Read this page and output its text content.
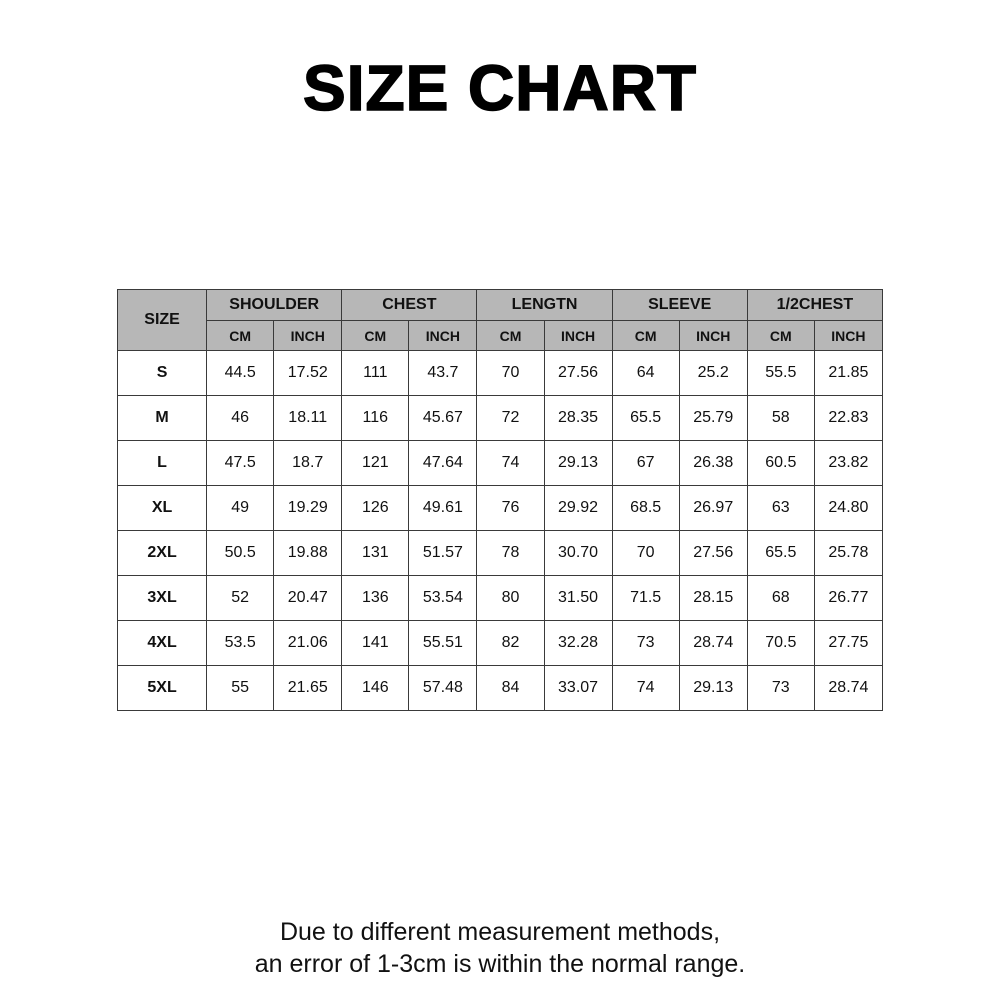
SIZE CHART
SIZE	SHOULDER		CHEST		LENGTN		SLEEVE		1/2CHEST	
	CM	INCH	CM	INCH	CM	INCH	CM	INCH	CM	INCH
S	44.5	17.52	111	43.7	70	27.56	64	25.2	55.5	21.85
M	46	18.11	116	45.67	72	28.35	65.5	25.79	58	22.83
L	47.5	18.7	121	47.64	74	29.13	67	26.38	60.5	23.82
XL	49	19.29	126	49.61	76	29.92	68.5	26.97	63	24.80
2XL	50.5	19.88	131	51.57	78	30.70	70	27.56	65.5	25.78
3XL	52	20.47	136	53.54	80	31.50	71.5	28.15	68	26.77
4XL	53.5	21.06	141	55.51	82	32.28	73	28.74	70.5	27.75
5XL	55	21.65	146	57.48	84	33.07	74	29.13	73	28.74
Due to different measurement methods,
an error of 1-3cm is within the normal range.
